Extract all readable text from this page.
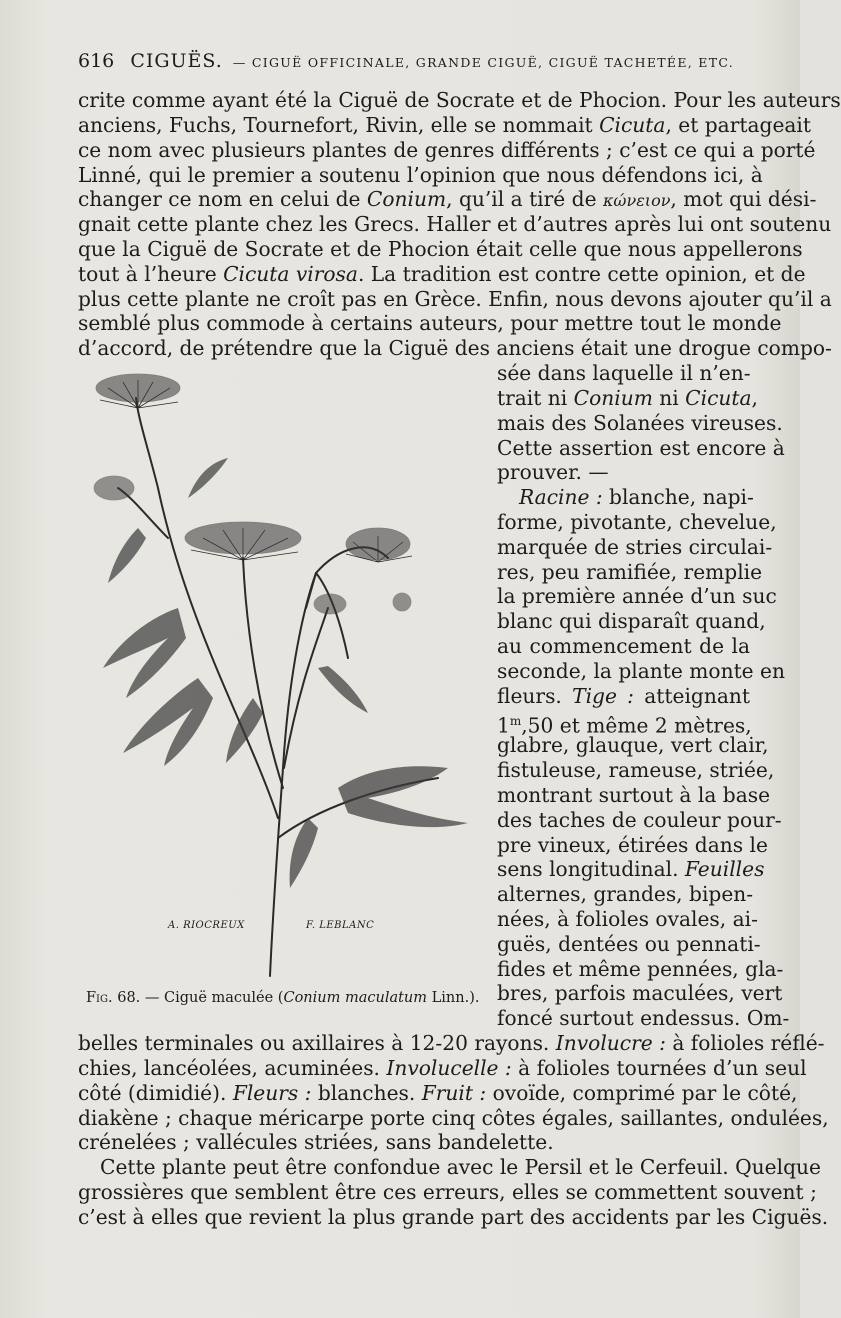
616 CIGUËS. — CIGUË OFFICINALE, GRANDE CIGUË, CIGUË TACHETÉE, ETC.
crite comme ayant été la Ciguë de Socrate et de Phocion. Pour les auteurs
anciens, Fuchs, Tournefort, Rivin, elle se nommait Cicuta, et partageait
ce nom avec plusieurs plantes de genres différents ; c’est ce qui a porté
Linné, qui le premier a soutenu l’opinion que nous défendons ici, à
changer ce nom en celui de Conium, qu’il a tiré de κώνειον, mot qui dési-
gnait cette plante chez les Grecs. Haller et d’autres après lui ont soutenu
que la Ciguë de Socrate et de Phocion était celle que nous appellerons
tout à l’heure Cicuta virosa. La tradition est contre cette opinion, et de
plus cette plante ne croît pas en Grèce. Enfin, nous devons ajouter qu’il a
semblé plus commode à certains auteurs, pour mettre tout le monde
d’accord, de prétendre que la Ciguë des anciens était une drogue compo-
sée dans laquelle il n’en-
trait ni Conium ni Cicuta,
mais des Solanées vireuses.
Cette assertion est encore à
prouver. —
Racine : blanche, napi-
forme, pivotante, chevelue,
marquée de stries circulai-
res, peu ramifiée, remplie
la première année d’un suc
blanc qui disparaît quand,
au commencement de la
seconde, la plante monte en
fleurs. Tige : atteignant
1$^m$,50 et même 2 mètres,
glabre, glauque, vert clair,
fistuleuse, rameuse, striée,
montrant surtout à la base
des taches de couleur pour-
pre vineux, étirées dans le
sens longitudinal. Feuilles
alternes, grandes, bipen-
nées, à folioles ovales, ai-
guës, dentées ou pennati-
fides et même pennées, gla-
bres, parfois maculées, vert
foncé surtout endessus. Om-
A. RIOCREUX	F. LEBLANC
Fig. 68. — Ciguë maculée (Conium maculatum Linn.).
belles terminales ou axillaires à 12-20 rayons. Involucre : à folioles réflé-
chies, lancéolées, acuminées. Involucelle : à folioles tournées d’un seul
côté (dimidié). Fleurs : blanches. Fruit : ovoïde, comprimé par le côté,
diakène ; chaque méricarpe porte cinq côtes égales, saillantes, ondulées,
crénelées ; vallécules striées, sans bandelette.
Cette plante peut être confondue avec le Persil et le Cerfeuil. Quelque
grossières que semblent être ces erreurs, elles se commettent souvent ;
c’est à elles que revient la plus grande part des accidents par les Ciguës.
